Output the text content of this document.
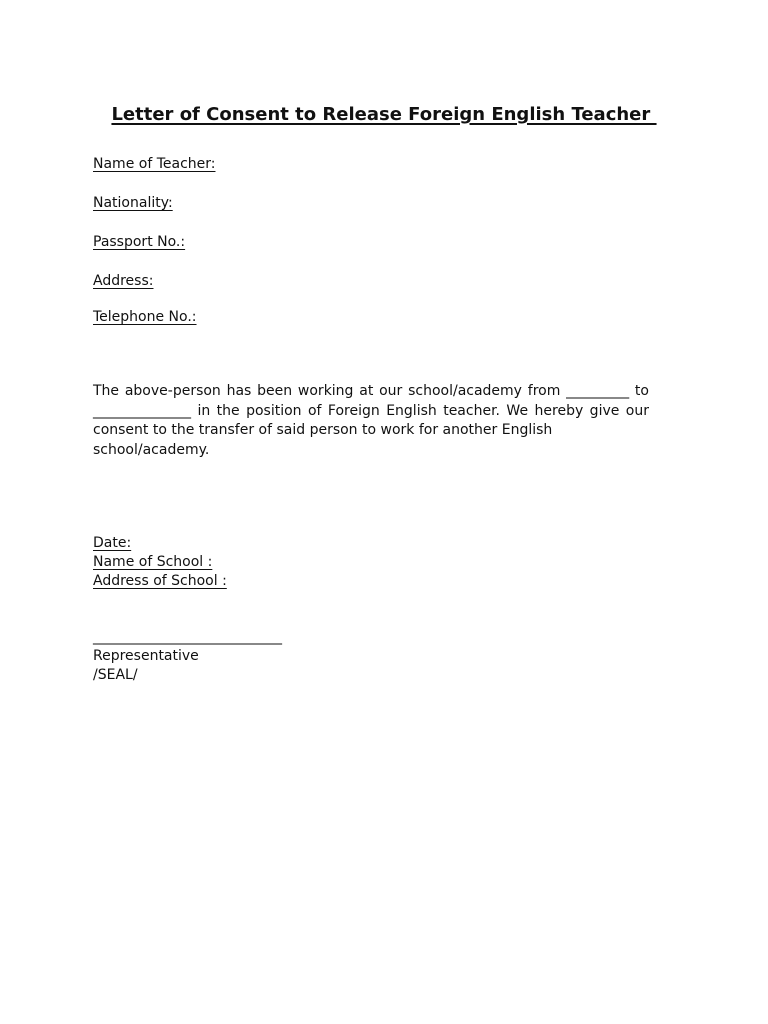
Letter of Consent to Release Foreign English Teacher
Name of Teacher:
Nationality:
Passport No.:
Address:
Telephone No.:
The above-person has been working at our school/academy from _________ to
______________ in the position of Foreign English teacher. We hereby give our
consent to the transfer of said person to work for another English
school/academy.
Date:
Name of School :
Address of School :
_____________________________
Representative
/SEAL/
